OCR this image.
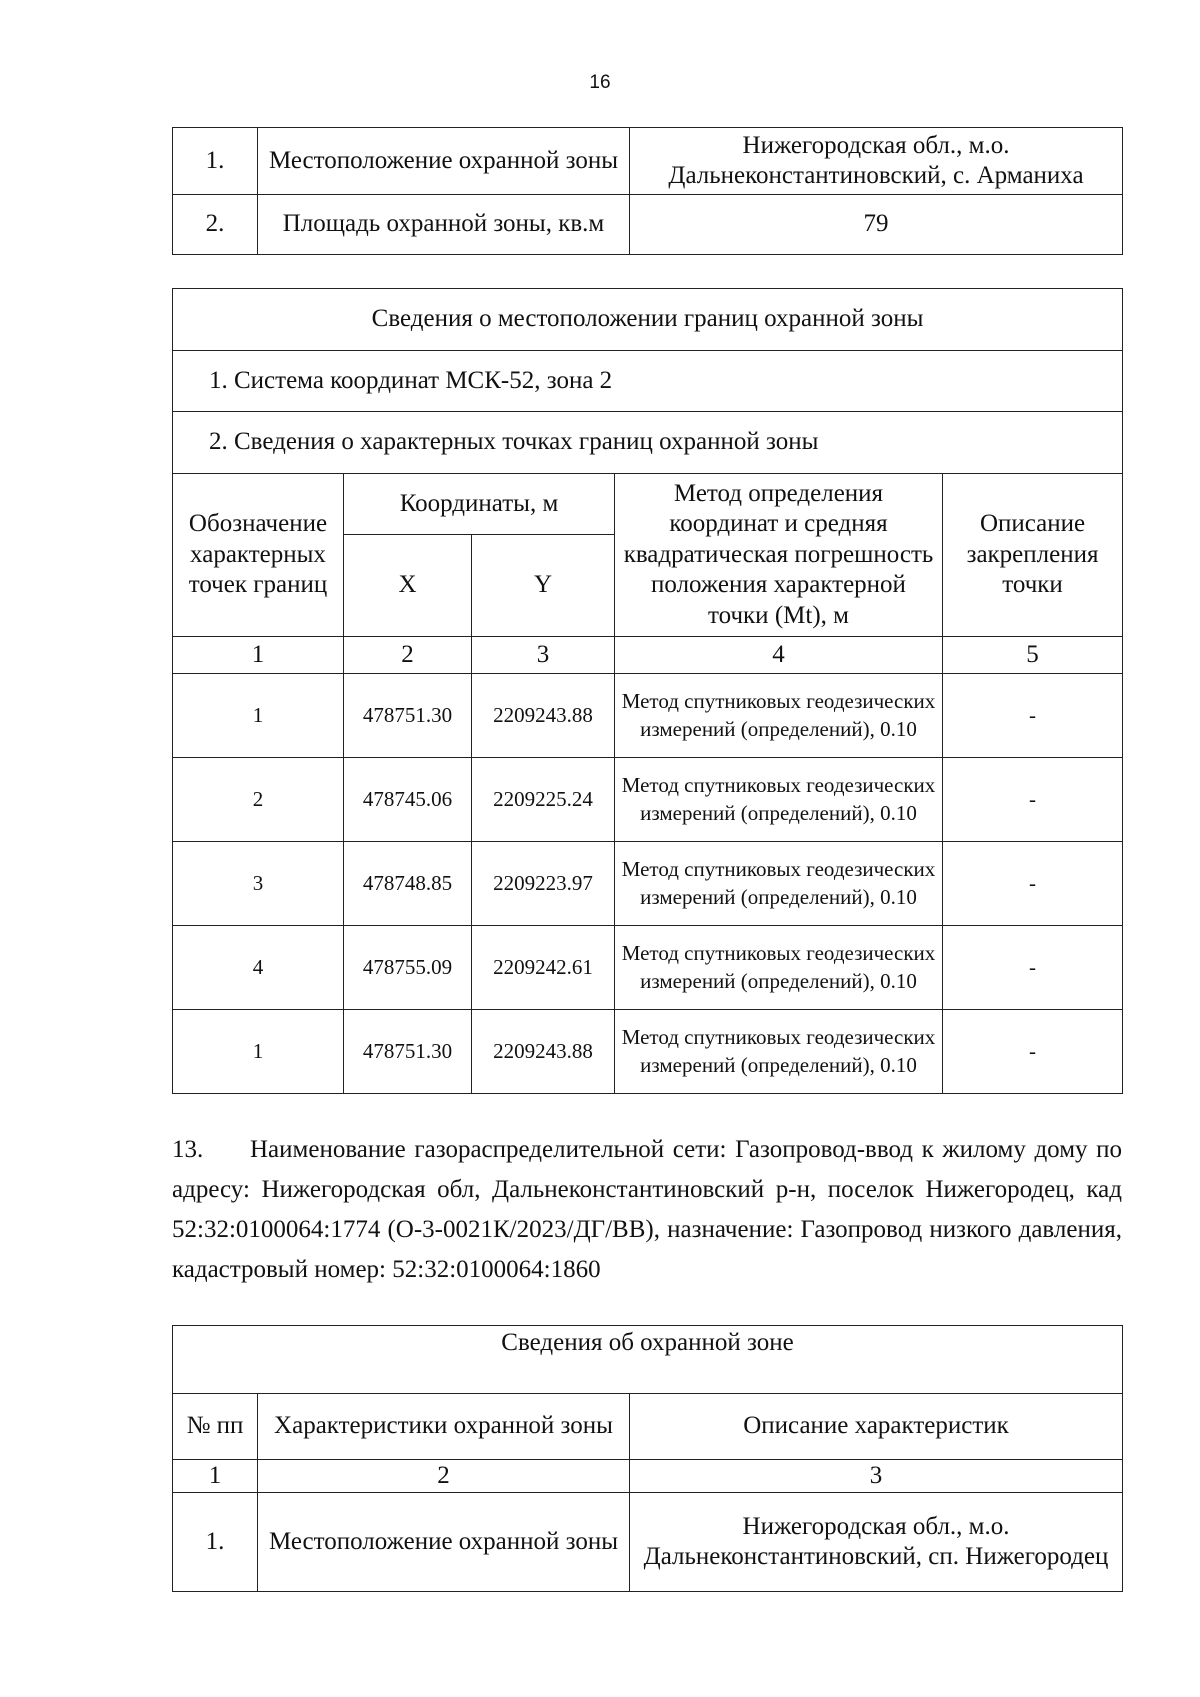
16
1.	Местоположение охранной зоны	Нижегородская обл., м.о. Дальнеконстантиновский, с. Арманиха
2.	Площадь охранной зоны, кв.м	79
Сведения о местоположении границ охранной зоны				
1. Система координат МСК-52, зона 2				
2. Сведения о характерных точках границ охранной зоны				
Обозначение характерных точек границ	Координаты, м		Метод определения координат и средняя квадратическая погрешность положения характерной точки (Mt), м	Описание закрепления точки
	X	Y		
1	2	3	4	5
1	478751.30	2209243.88	Метод спутниковых геодезических измерений (определений), 0.10	-
2	478745.06	2209225.24	Метод спутниковых геодезических измерений (определений), 0.10	-
3	478748.85	2209223.97	Метод спутниковых геодезических измерений (определений), 0.10	-
4	478755.09	2209242.61	Метод спутниковых геодезических измерений (определений), 0.10	-
1	478751.30	2209243.88	Метод спутниковых геодезических измерений (определений), 0.10	-
13. Наименование газораспределительной сети: Газопровод-ввод к жилому дому по адресу: Нижегородская обл, Дальнеконстантиновский р-н, поселок Нижегородец, кад 52:32:0100064:1774 (О-3-0021К/2023/ДГ/ВВ), назначение: Газопровод низкого давления, кадастровый номер: 52:32:0100064:1860
Сведения об охранной зоне		
№ пп	Характеристики охранной зоны	Описание характеристик
1	2	3
1.	Местоположение охранной зоны	Нижегородская обл., м.о. Дальнеконстантиновский, сп. Нижегородец
